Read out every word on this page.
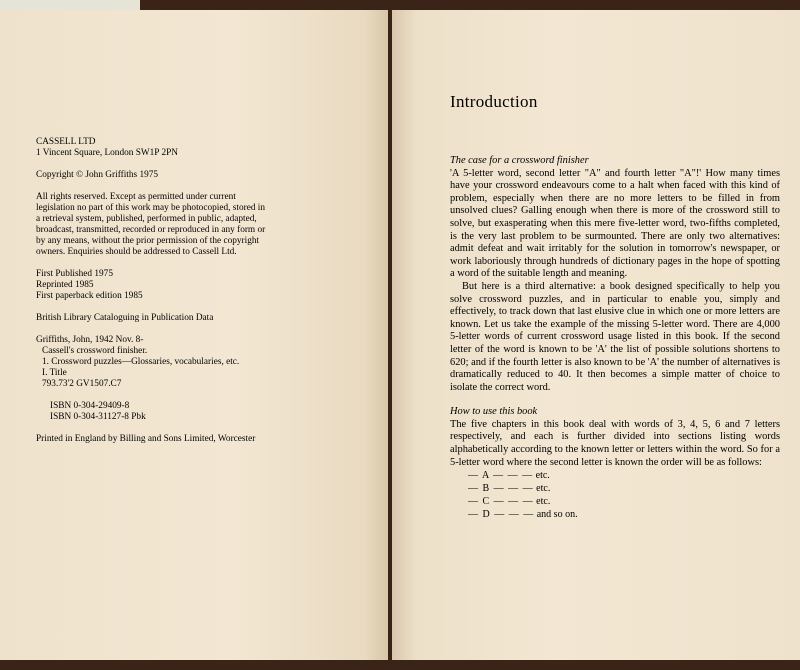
CASSELL LTD
1 Vincent Square, London SW1P 2PN

Copyright © John Griffiths 1975

All rights reserved. Except as permitted under current
legislation no part of this work may be photocopied, stored in
a retrieval system, published, performed in public, adapted,
broadcast, transmitted, recorded or reproduced in any form or
by any means, without the prior permission of the copyright
owners. Enquiries should be addressed to Cassell Ltd.

First Published 1975
Reprinted 1985
First paperback edition 1985

British Library Cataloguing in Publication Data

Griffiths, John, 1942 Nov. 8-
Cassell's crossword finisher.
1. Crossword puzzles—Glossaries, vocabularies, etc.
I. Title
793.73'2 GV1507.C7

ISBN 0-304-29409-8
ISBN 0-304-31127-8 Pbk

Printed in England by Billing and Sons Limited, Worcester

Introduction
The case for a crossword finisher
'A 5-letter word, second letter "A" and fourth letter "A"!' How many times have your crossword endeavours come to a halt when faced with this kind of problem, especially when there are no more letters to be filled in from unsolved clues? Galling enough when there is more of the crossword still to solve, but exasperating when this mere five-letter word, two-fifths completed, is the very last problem to be surmounted. There are only two alternatives: admit defeat and wait irritably for the solution in tomorrow's newspaper, or work laboriously through hundreds of dictionary pages in the hope of spotting a word of the suitable length and meaning.
But here is a third alternative: a book designed specifically to help you solve crossword puzzles, and in particular to enable you, simply and effectively, to track down that last elusive clue in which one or more letters are known. Let us take the example of the missing 5-letter word. There are 4,000 5-letter words of current crossword usage listed in this book. If the second letter of the word is known to be 'A' the list of possible solutions shortens to 620; and if the fourth letter is also known to be 'A' the number of alternatives is dramatically reduced to 40. It then becomes a simple matter of choice to isolate the correct word.
How to use this book
The five chapters in this book deal with words of 3, 4, 5, 6 and 7 letters respectively, and each is further divided into sections listing words alphabetically according to the known letter or letters within the word. So for a 5-letter word where the second letter is known the order will be as follows:
— A — — — etc.
— B — — — etc.
— C — — — etc.
— D — — — and so on.
